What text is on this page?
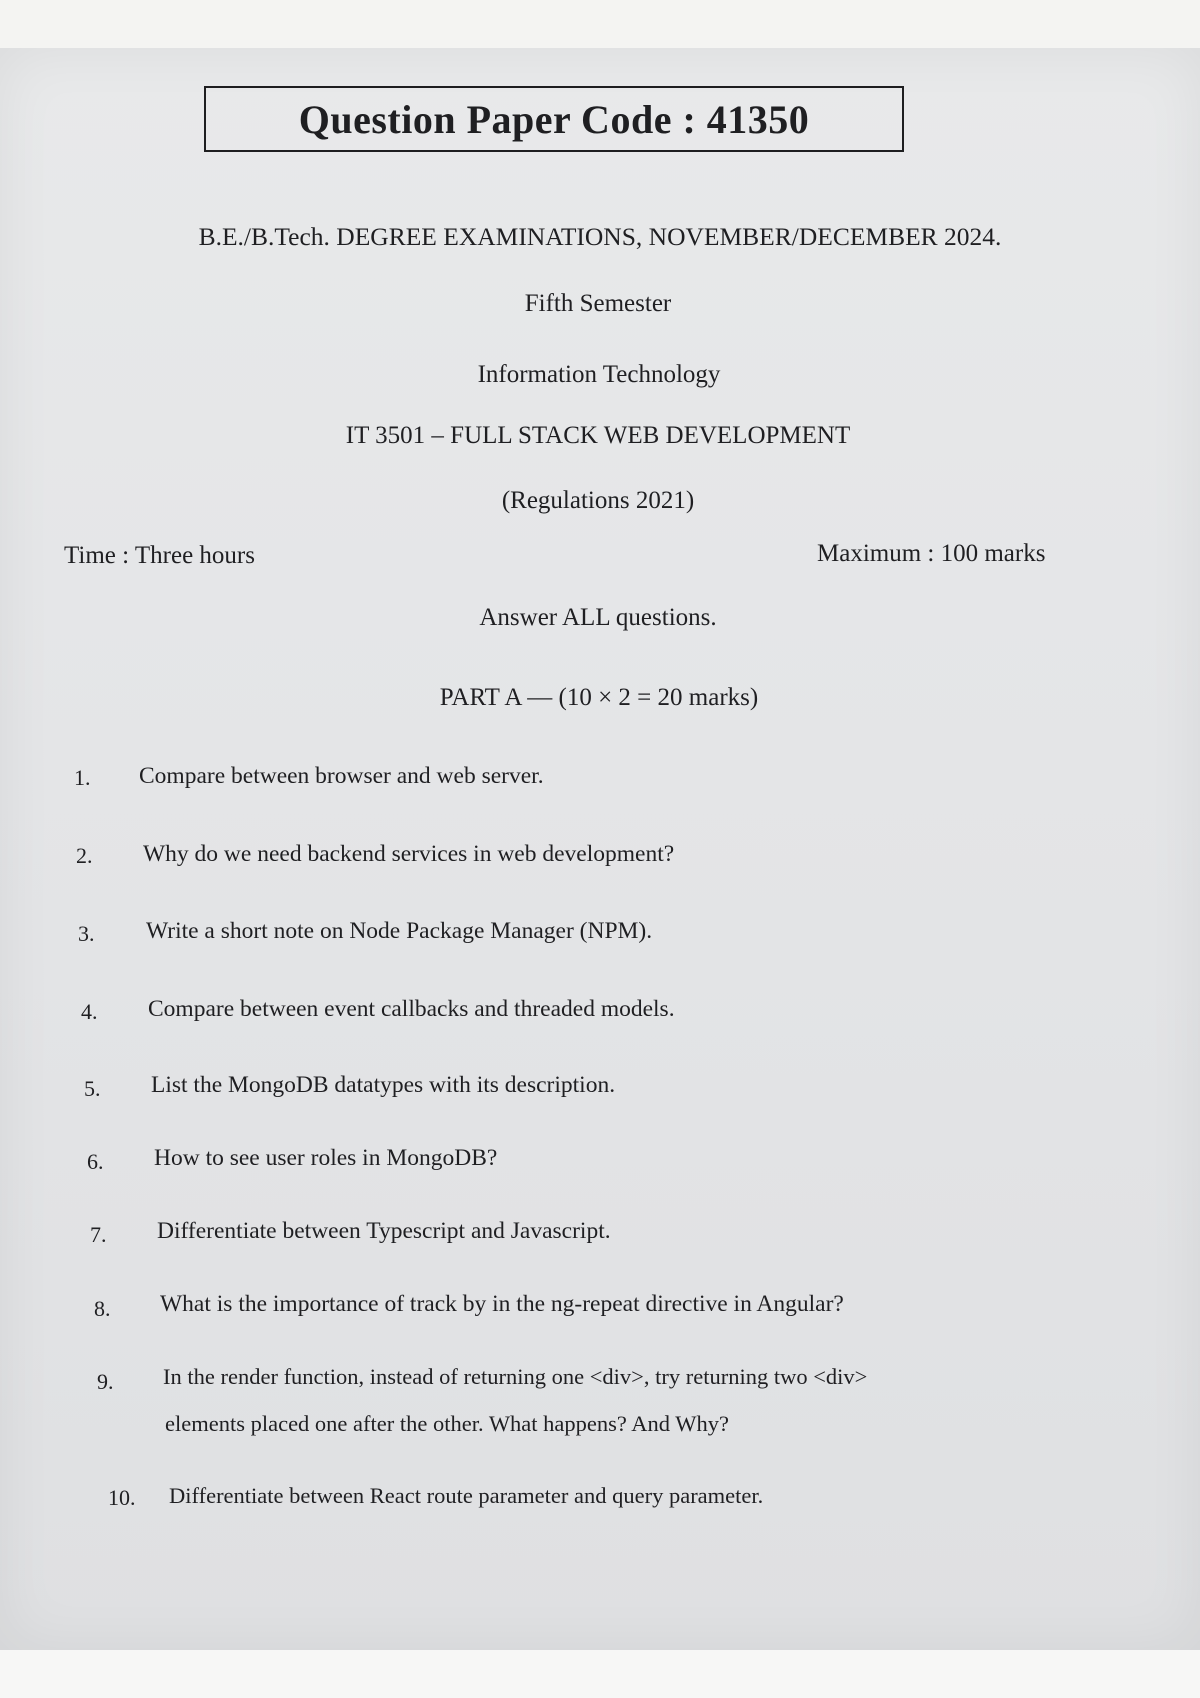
Question Paper Code : 41350
B.E./B.Tech. DEGREE EXAMINATIONS, NOVEMBER/DECEMBER 2024.
Fifth Semester
Information Technology
IT 3501 – FULL STACK WEB DEVELOPMENT
(Regulations 2021)
Time : Three hours	Maximum : 100 marks
Answer ALL questions.
PART A — (10 × 2 = 20 marks)
1. Compare between browser and web server.
2. Why do we need backend services in web development?
3. Write a short note on Node Package Manager (NPM).
4. Compare between event callbacks and threaded models.
5. List the MongoDB datatypes with its description.
6. How to see user roles in MongoDB?
7. Differentiate between Typescript and Javascript.
8. What is the importance of track by in the ng-repeat directive in Angular?
9. In the render function, instead of returning one <div>, try returning two <div>
elements placed one after the other. What happens? And Why?
10. Differentiate between React route parameter and query parameter.
